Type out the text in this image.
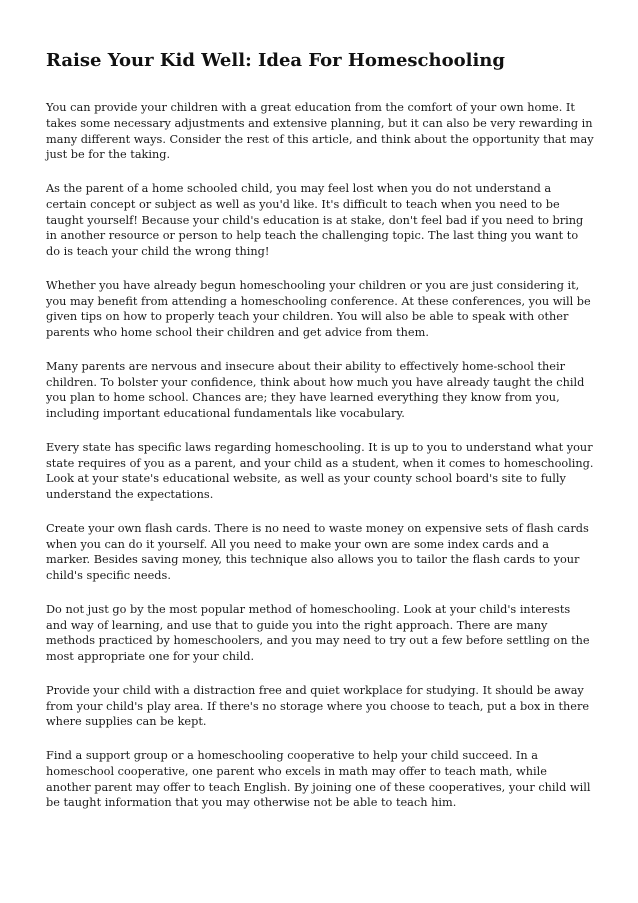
Raise Your Kid Well: Idea For Homeschooling

You can provide your children with a great education from the comfort of your own home. It takes some necessary adjustments and extensive planning, but it can also be very rewarding in many different ways. Consider the rest of this article, and think about the opportunity that may just be for the taking.

As the parent of a home schooled child, you may feel lost when you do not understand a certain concept or subject as well as you'd like. It's difficult to teach when you need to be taught yourself! Because your child's education is at stake, don't feel bad if you need to bring in another resource or person to help teach the challenging topic. The last thing you want to do is teach your child the wrong thing!

Whether you have already begun homeschooling your children or you are just considering it, you may benefit from attending a homeschooling conference. At these conferences, you will be given tips on how to properly teach your children. You will also be able to speak with other parents who home school their children and get advice from them.

Many parents are nervous and insecure about their ability to effectively home-school their children. To bolster your confidence, think about how much you have already taught the child you plan to home school. Chances are; they have learned everything they know from you, including important educational fundamentals like vocabulary.

Every state has specific laws regarding homeschooling. It is up to you to understand what your state requires of you as a parent, and your child as a student, when it comes to homeschooling. Look at your state's educational website, as well as your county school board's site to fully understand the expectations.

Create your own flash cards. There is no need to waste money on expensive sets of flash cards when you can do it yourself. All you need to make your own are some index cards and a marker. Besides saving money, this technique also allows you to tailor the flash cards to your child's specific needs.

Do not just go by the most popular method of homeschooling. Look at your child's interests and way of learning, and use that to guide you into the right approach. There are many methods practiced by homeschoolers, and you may need to try out a few before settling on the most appropriate one for your child.

Provide your child with a distraction free and quiet workplace for studying. It should be away from your child's play area. If there's no storage where you choose to teach, put a box in there where supplies can be kept.

Find a support group or a homeschooling cooperative to help your child succeed. In a homeschool cooperative, one parent who excels in math may offer to teach math, while another parent may offer to teach English. By joining one of these cooperatives, your child will be taught information that you may otherwise not be able to teach him.
